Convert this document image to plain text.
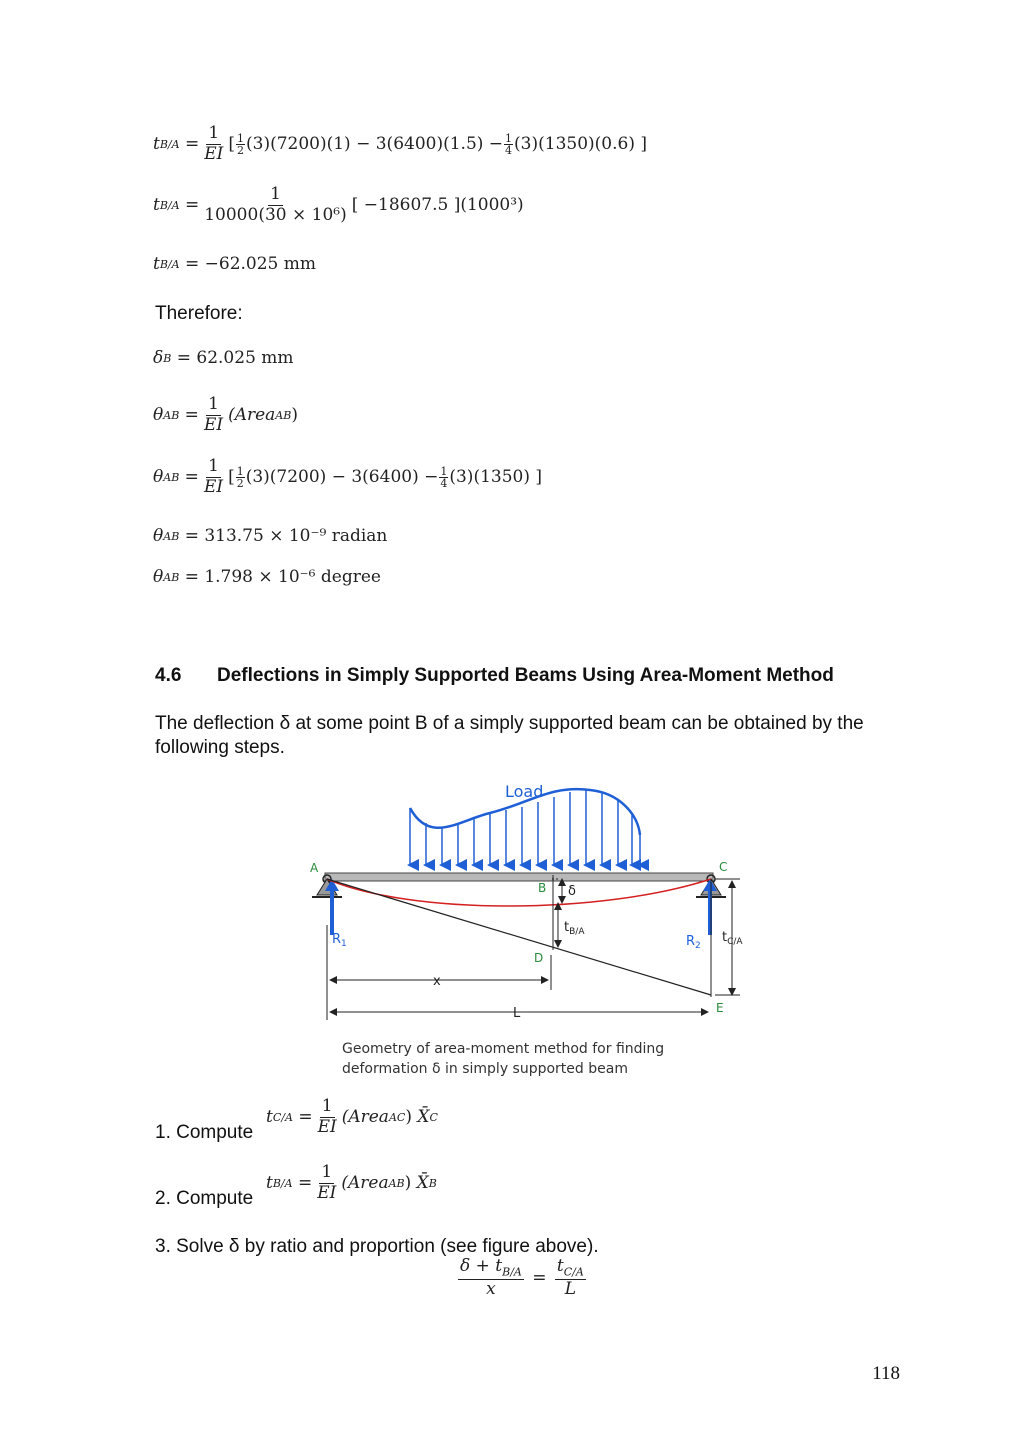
t $B/A = \frac{1}{EI}$ [ 1
2 $(3)(7200)(1) - 3(6400)(1.5) - \frac{1}{4} (3)(1350)(0.6)$ ]
t $B/A = \frac{1}{\text{10000(30 × 10⁶)}}$ [ −18607.5 ](1000³)
t B/A
= −62.025 mm
Therefore:
δ B
= 62.025 mm
θ AB = $\frac{1}{EI}$ (Area AB )
θ AB = $\frac{1}{EI}$ [ 1
2 $(3)(7200) - 3(6400) - \frac{1}{4} (3)(1350)$ ]
θ AB
= 313.75 × 10⁻⁹ radian
θ AB
= 1.798 × 10⁻⁶ degree
4.6 Deflections in Simply Supported Beams Using Area-Moment Method
The deflection δ at some point B of a simply supported beam can be obtained by the following steps.
Load
A	C
B
D
E
$R_1$	$R_2$
δ
$t_{B/A}$	$t_{C/A}$
x
L
Geometry of area-moment method for finding
deformation δ in simply supported beam
1. Compute
t $C/A = \frac{1}{EI}$ (Area AC )
X̄ C
2. Compute
t $B/A = \frac{1}{EI}$ (Area AB )
X̄ B
3. Solve δ by ratio and proportion (see figure above).
$\frac{\delta + t_{B/A}}{x} = \frac{t_{C/A}}{L}$
118
